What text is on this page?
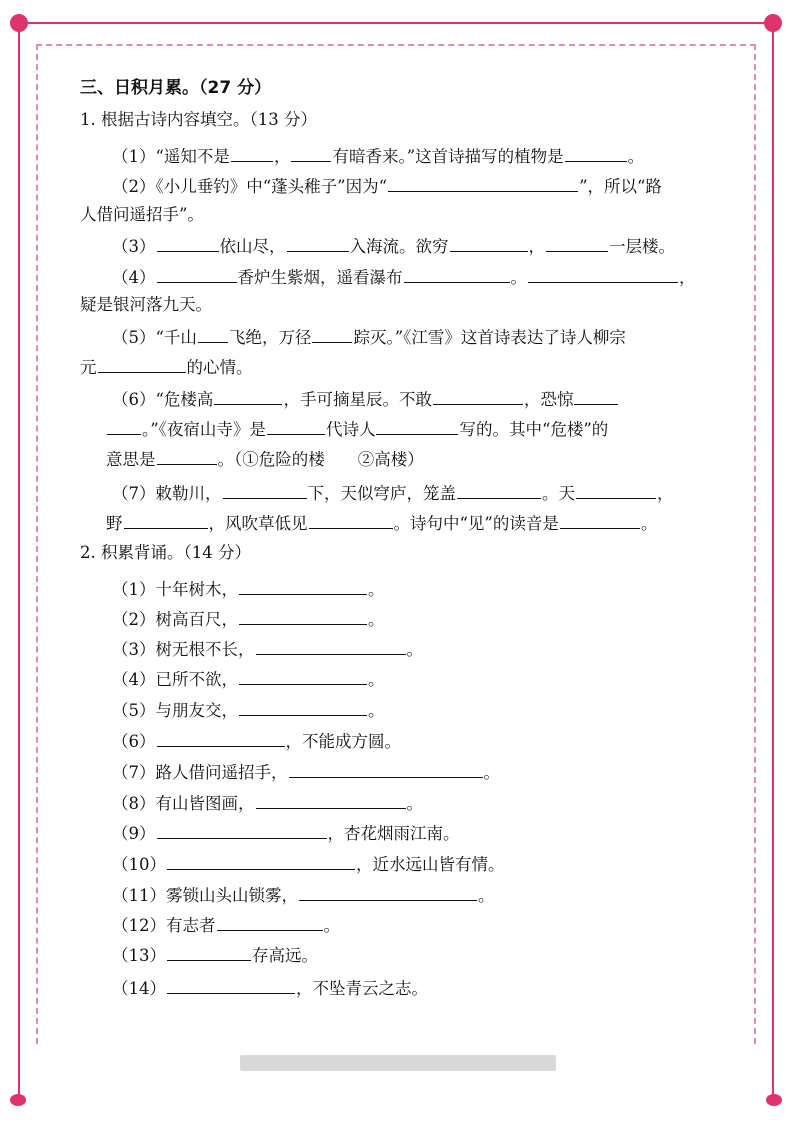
三、日积月累。（27 分）
1. 根据古诗内容填空。（13 分）
（1）“遥知不是	，	有暗香来。”这首诗描写的植物是	。
（2）《小儿垂钓》中“蓬头稚子”因为“	”，所以“路
人借问遥招手”。
（3）	依山尽，	入海流。欲穷	，	一层楼。
（4）	香炉生紫烟，遥看瀑布	。	，
疑是银河落九天。
（5）“千山 飞绝，万径	踪灭。”《江雪》这首诗表达了诗人柳宗
元	的心情。
（6）“危楼高	，手可摘星辰。不敢	，恐惊
。”《夜宿山寺》是	代诗人	写的。其中“危楼”的
意思是	。（①危险的楼　　②高楼）
（7）敕勒川，	下，天似穹庐，笼盖	。天	，
野	，风吹草低见	。诗句中“见”的读音是	。
2. 积累背诵。（14 分）
（1）十年树木，	。
（2）树高百尺，	。
（3）树无根不长，	。
（4）已所不欲，	。
（5）与朋友交，	。
（6）	，不能成方圆。
（7）路人借问遥招手，	。
（8）有山皆图画，	。
（9）	，杏花烟雨江南。
（10）	，近水远山皆有情。
（11）雾锁山头山锁雾，	。
（12）有志者	。
（13）	存高远。
（14）	，不坠青云之志。
